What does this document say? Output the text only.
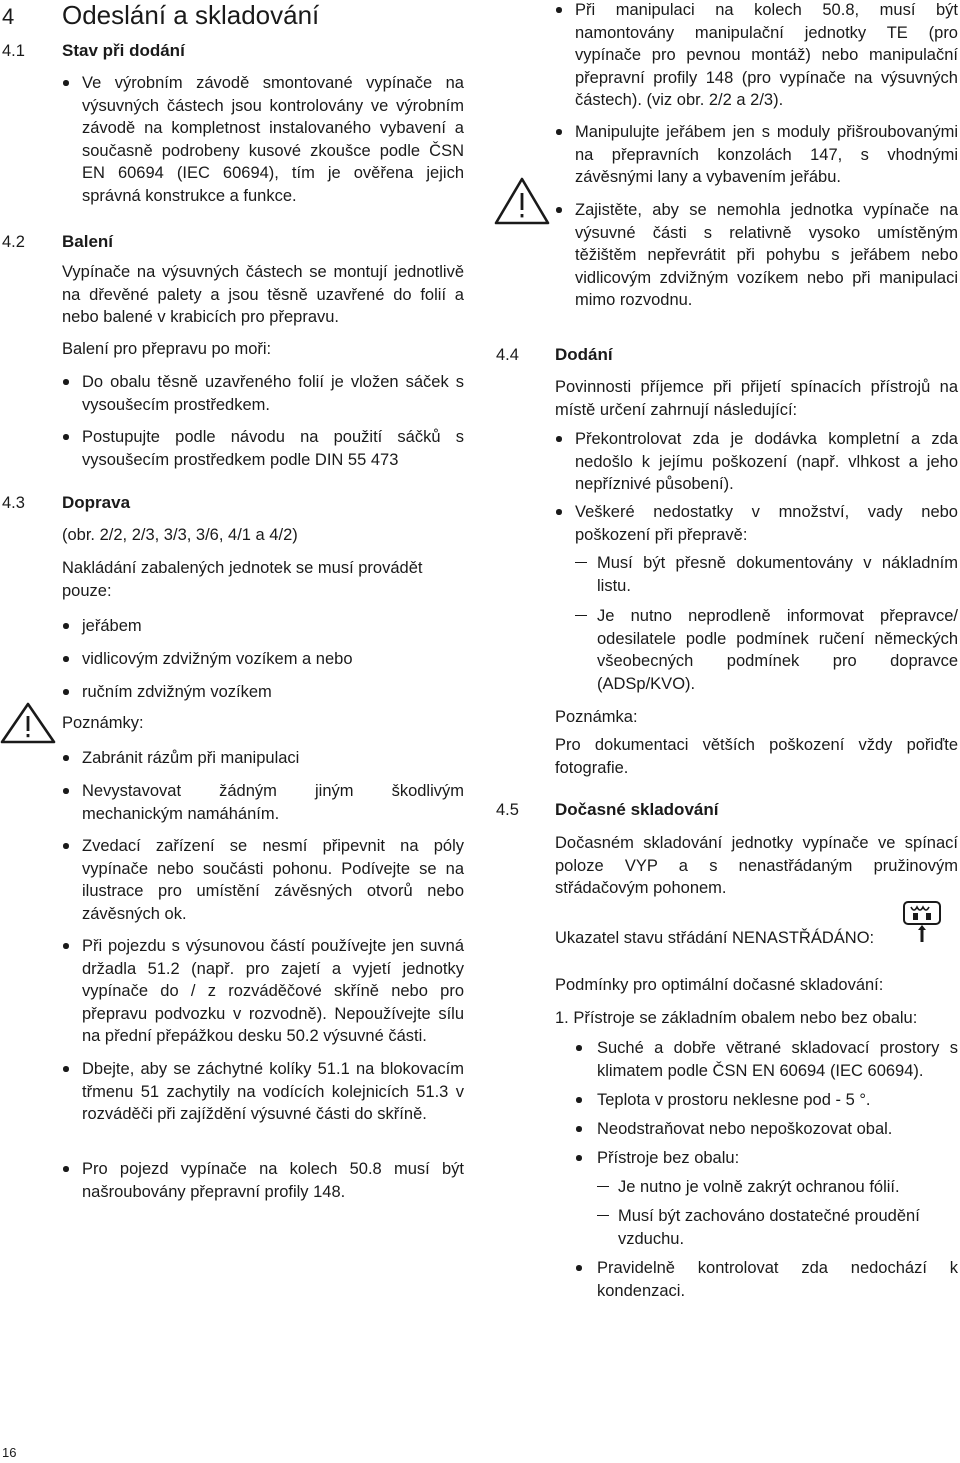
4 Odeslání a skladování
4.1 Stav při dodání
Ve výrobním závodě smontované vypínače na výsuvných částech jsou kontrolovány ve výrobním závodě na kompletnost instalovaného vybavení a současně podrobeny kusové zkoušce podle ČSN EN 60694 (IEC 60694), tím je ověřena jejich správná konstrukce a funkce.
4.2 Balení
Vypínače na výsuvných částech se montují jednotlivě na dřevěné palety a jsou těsně uzavřené do folií a nebo balené v krabicích pro přepravu.
Balení pro přepravu po moři:
Do obalu těsně uzavřeného folií je vložen sáček s vysoušecím prostředkem.
Postupujte podle návodu na použití sáčků s vysoušecím prostředkem podle DIN 55 473
4.3 Doprava
(obr. 2/2, 2/3, 3/3, 3/6, 4/1 a 4/2)
Nakládání zabalených jednotek se musí provádět pouze:
jeřábem
vidlicovým zdvižným vozíkem a nebo
ručním zdvižným vozíkem
Poznámky:
Zabránit rázům při manipulaci
Nevystavovat žádným jiným škodlivým mechanickým namáháním.
Zvedací zařízení se nesmí připevnit na póly vypínače nebo součásti pohonu. Podívejte se na ilustrace pro umístění závěsných otvorů nebo závěsných ok.
Při pojezdu s výsunovou částí používejte jen suvná držadla 51.2 (např. pro zajetí a vyjetí jednotky vypínače do / z rozváděčové skříně nebo pro přepravu podvozku v rozvodně). Nepoužívejte sílu na přední přepážkou desku 50.2 výsuvné části.
Dbejte, aby se záchytné kolíky 51.1 na blokovacím třmenu 51 zachytily na vodících kolejnicích 51.3 v rozváděči při zajíždění výsuvné části do skříně.
Pro pojezd vypínače na kolech 50.8 musí být našroubovány přepravní profily 148.
Při manipulaci na kolech 50.8, musí být namontovány manipulační jednotky TE (pro vypínače pro pevnou montáž) nebo manipulační přepravní profily 148 (pro vypínače na výsuvných částech). (viz obr. 2/2 a 2/3).
Manipulujte jeřábem jen s moduly přišroubovanými na přepravních konzolách 147, s vhodnými závěsnými lany a vybavením jeřábu.
Zajistěte, aby se nemohla jednotka vypínače na výsuvné části s relativně vysoko umístěným těžištěm nepřevrátit při pohybu s jeřábem nebo vidlicovým zdvižným vozíkem nebo při manipulaci mimo rozvodnu.
4.4 Dodání
Povinnosti příjemce při přijetí spínacích přístrojů na místě určení zahrnují následující:
Překontrolovat zda je dodávka kompletní a zda nedošlo k jejímu poškození (např. vlhkost a jeho nepříznivé působení).
Veškeré nedostatky v množství, vady nebo poškození při přepravě:
Musí být přesně dokumentovány v nákladním listu.
Je nutno neprodleně informovat přepravce/ odesilatele podle podmínek ručení německých všeobecných podmínek pro dopravce (ADSp/KVO).
Poznámka:
Pro dokumentaci větších poškození vždy pořiďte fotografie.
4.5 Dočasné skladování
Dočasném skladování jednotky vypínače ve spínací poloze VYP a s nenastřádaným pružinovým střádačovým pohonem.
Ukazatel stavu střádání NENASTŘÁDÁNO:
Podmínky pro optimální dočasné skladování:
1. Přístroje se základním obalem nebo bez obalu:
Suché a dobře větrané skladovací prostory s klimatem podle ČSN EN 60694 (IEC 60694).
Teplota v prostoru neklesne pod - 5 °.
Neodstraňovat nebo nepoškozovat obal.
Přístroje bez obalu:
Je nutno je volně zakrýt ochranou fólií.
Musí být zachováno dostatečné proudění vzduchu.
Pravidelně kontrolovat zda nedochází k kondenzaci.
16
